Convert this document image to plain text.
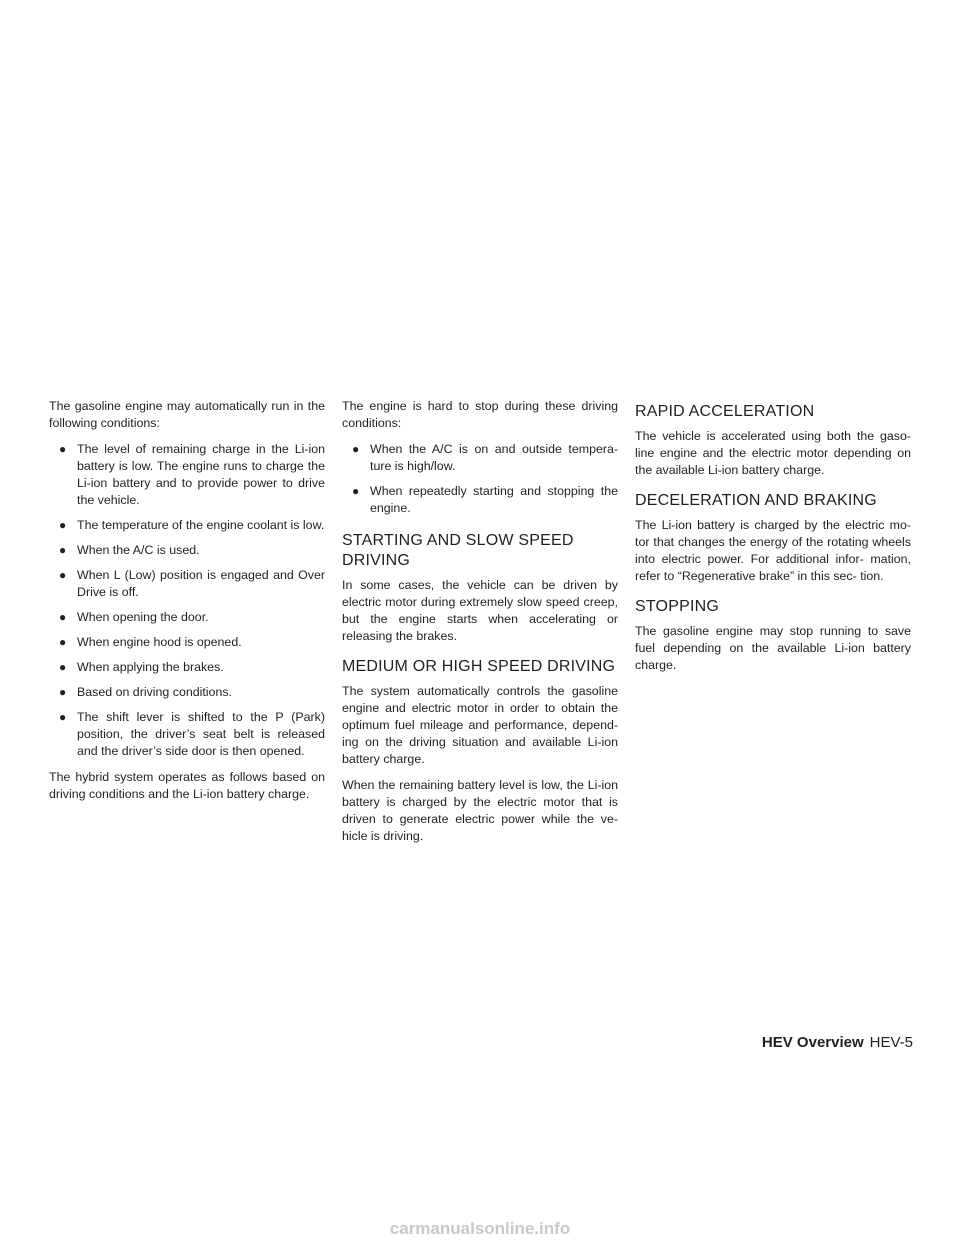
The gasoline engine may automatically run in the following conditions:

● The level of remaining charge in the Li-ion battery is low. The engine runs to charge the Li-ion battery and to provide power to drive the vehicle.
● The temperature of the engine coolant is low.
● When the A/C is used.
● When L (Low) position is engaged and Over Drive is off.
● When opening the door.
● When engine hood is opened.
● When applying the brakes.
● Based on driving conditions.
● The shift lever is shifted to the P (Park) position, the driver’s seat belt is released and the driver’s side door is then opened.

The hybrid system operates as follows based on driving conditions and the Li-ion battery charge.

The engine is hard to stop during these driving conditions:

● When the A/C is on and outside tempera- ture is high/low.
● When repeatedly starting and stopping the engine.
STARTING AND SLOW SPEED DRIVING

In some cases, the vehicle can be driven by electric motor during extremely slow speed creep, but the engine starts when accelerating or releasing the brakes.

MEDIUM OR HIGH SPEED DRIVING

The system automatically controls the gasoline engine and electric motor in order to obtain the optimum fuel mileage and performance, depend- ing on the driving situation and available Li-ion battery charge.

When the remaining battery level is low, the Li-ion battery is charged by the electric motor that is driven to generate electric power while the ve- hicle is driving.

RAPID ACCELERATION

The vehicle is accelerated using both the gaso- line engine and the electric motor depending on the available Li-ion battery charge.

DECELERATION AND BRAKING

The Li-ion battery is charged by the electric mo- tor that changes the energy of the rotating wheels into electric power. For additional infor- mation, refer to “Regenerative brake” in this sec- tion.

STOPPING

The gasoline engine may stop running to save fuel depending on the available Li-ion battery charge.

HEV Overview HEV-5
carmanualsonline.info
